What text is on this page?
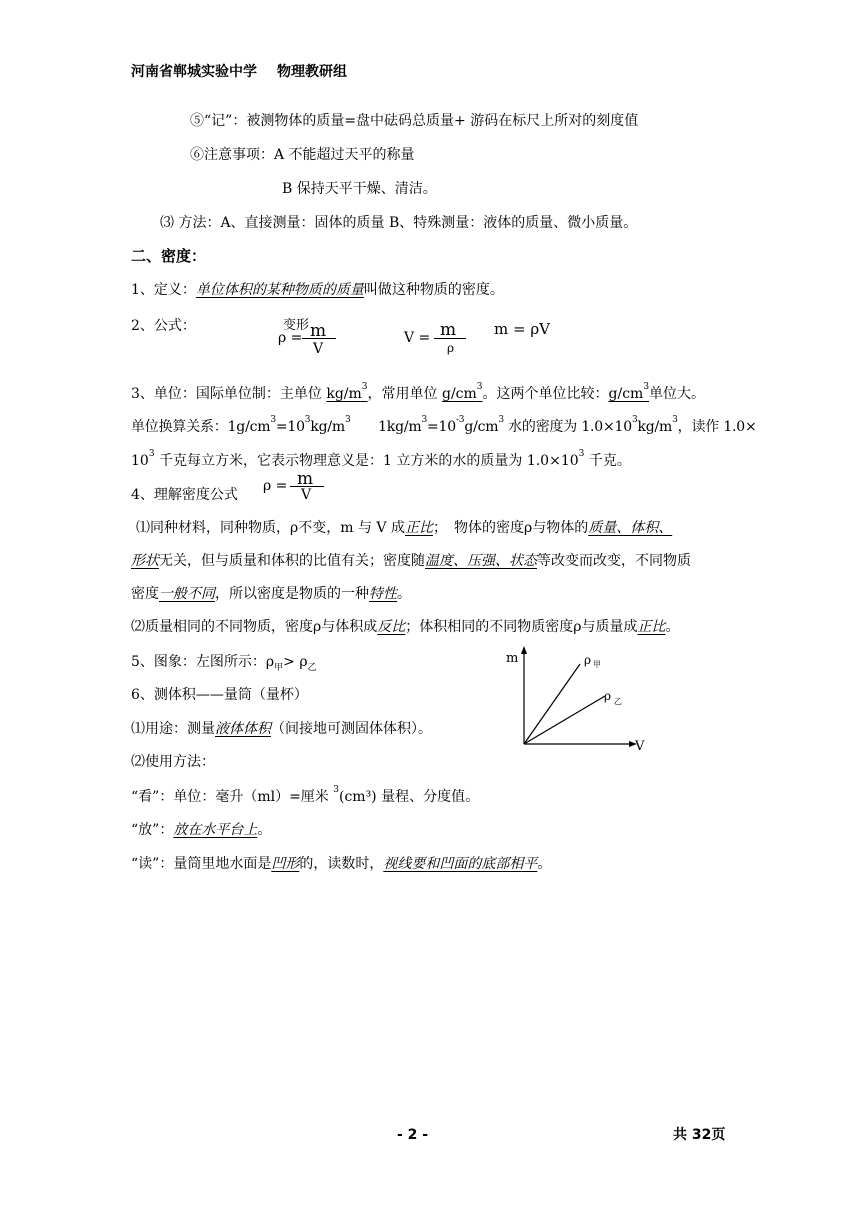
河南省郸城实验中学 物理教研组
⑤“记”：被测物体的质量=盘中砝码总质量+ 游码在标尺上所对的刻度值
⑥注意事项：A 不能超过天平的称量
B 保持天平干燥、清洁。
⑶ 方法：A、直接测量：固体的质量 B、特殊测量：液体的质量、微小质量。
二、密度：
1、定义：单位体积的某种物质的质量叫做这种物质的密度。
2、公式：	变形
ρ = m
V
V = m
ρ
m = ρV
3、单位：国际单位制：主单位 $kg/m^3$，常用单位 $g/cm^3$。这两个单位比较：$g/cm^3$单位大。
单位换算关系：$1g/cm^3=10^3kg/m^3$　　$1kg/m^3=10^{-3}g/cm^3$ 水的密度为 $1.0\times 10^3kg/m^3$，读作 1.0×
$10^3$ 千克每立方米，它表示物理意义是：1 立方米的水的质量为 $1.0\times 10^3$ 千克。
4、理解密度公式
ρ = m
V
⑴同种材料，同种物质，ρ不变，m 与 V 成正比；　物体的密度ρ与物体的质量、体积、
形状无关，但与质量和体积的比值有关；密度随温度、压强、状态等改变而改变，不同物质
密度一般不同，所以密度是物质的一种特性。
⑵质量相同的不同物质，密度ρ与体积成反比；体积相同的不同物质密度ρ与质量成正比。
5、图象：左图所示：$\rho_甲> \rho_乙$
6、测体积——量筒（量杯）
⑴用途：测量液体体积（间接地可测固体体积）。
⑵使用方法：
“看”：单位：毫升（ml）=厘米 $^3$(cm³) 量程、分度值。
“放”：放在水平台上。
“读”：量筒里地水面是凹形的，读数时，视线要和凹面的底部相平。
m
V
ρ 甲
ρ 乙
- 2 -	共 32页
